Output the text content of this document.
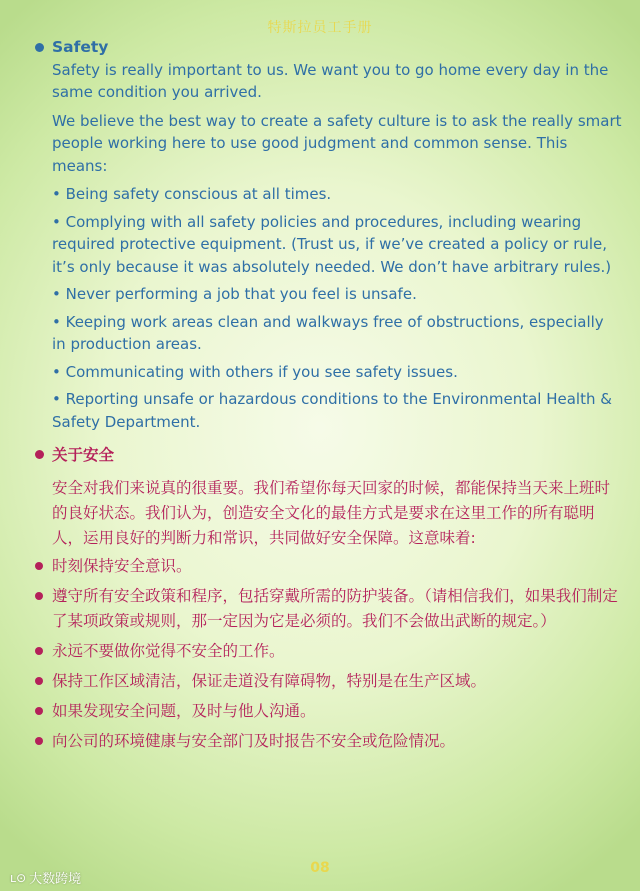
特斯拉员工手册
Safety

Safety is really important to us. We want you to go home every day in the same condition you arrived.

We believe the best way to create a safety culture is to ask the really smart people working here to use good judgment and common sense. This means:

• Being safety conscious at all times.
• Complying with all safety policies and procedures, including wearing required protective equipment. (Trust us, if we’ve created a policy or rule, it’s only because it was absolutely needed. We don’t have arbitrary rules.)
• Never performing a job that you feel is unsafe.
• Keeping work areas clean and walkways free of obstructions, especially in production areas.
• Communicating with others if you see safety issues.
• Reporting unsafe or hazardous conditions to the Environmental Health & Safety Department.
关于安全

安全对我们来说真的很重要。我们希望你每天回家的时候，都能保持当天来上班时的良好状态。我们认为，创造安全文化的最佳方式是要求在这里工作的所有聪明人，运用良好的判断力和常识，共同做好安全保障。这意味着:

时刻保持安全意识。
遵守所有安全政策和程序，包括穿戴所需的防护装备。（请相信我们，如果我们制定了某项政策或规则，那一定因为它是必须的。我们不会做出武断的规定。）
永远不要做你觉得不安全的工作。
保持工作区域清洁，保证走道没有障碍物，特别是在生产区域。
如果发现安全问题，及时与他人沟通。
向公司的环境健康与安全部门及时报告不安全或危险情况。
08
ʟ⊙ 大数跨境
